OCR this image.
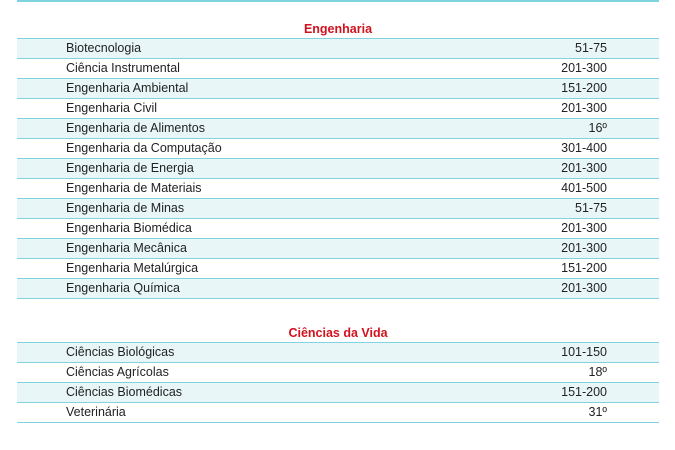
Engenharia
Biotecnologia	51-75
Ciência Instrumental	201-300
Engenharia Ambiental	151-200
Engenharia Civil	201-300
Engenharia de Alimentos	16º
Engenharia da Computação	301-400
Engenharia de Energia	201-300
Engenharia de Materiais	401-500
Engenharia de Minas	51-75
Engenharia Biomédica	201-300
Engenharia Mecânica	201-300
Engenharia Metalúrgica	151-200
Engenharia Química	201-300
Ciências da Vida
Ciências Biológicas	101-150
Ciências Agrícolas	18º
Ciências Biomédicas	151-200
Veterinária	31º
